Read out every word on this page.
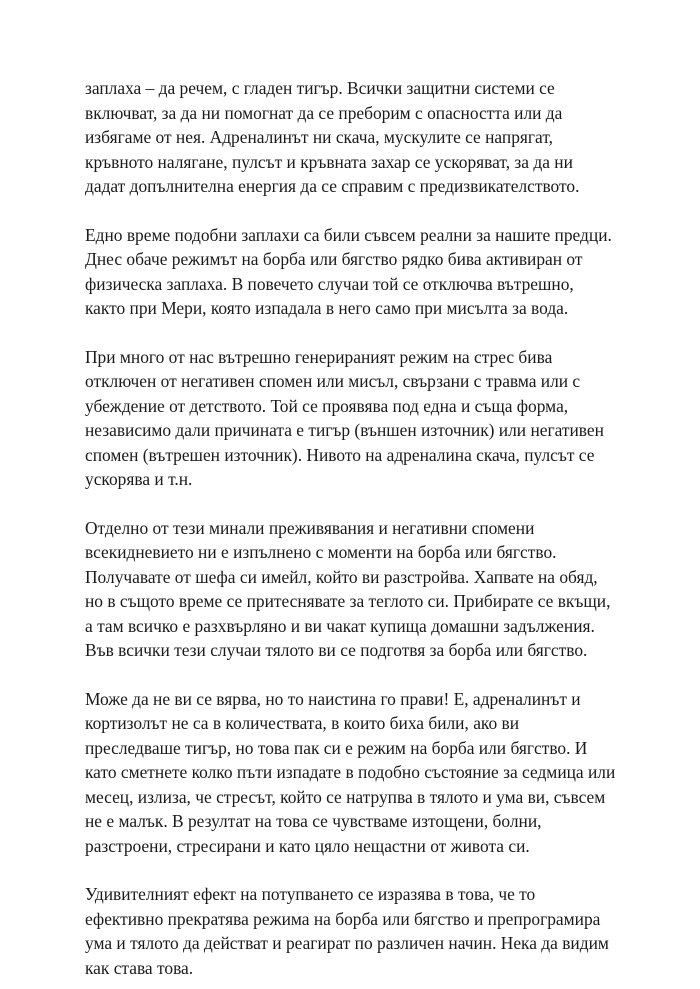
заплаха – да речем, с гладен тигър. Всички защитни системи се включват, за да ни помогнат да се преборим с опасността или да избягаме от нея. Адреналинът ни скача, мускулите се напрягат, кръвното налягане, пулсът и кръвната захар се ускоряват, за да ни дадат допълнителна енергия да се справим с предизвикателството.

Едно време подобни заплахи са били съвсем реални за нашите предци. Днес обаче режимът на борба или бягство рядко бива активиран от физическа заплаха. В повечето случаи той се отключва вътрешно, както при Мери, която изпадала в него само при мисълта за вода.

При много от нас вътрешно генерираният режим на стрес бива отключен от негативен спомен или мисъл, свързани с травма или с убеждение от детството. Той се проявява под една и съща форма, независимо дали причината е тигър (външен източник) или негативен спомен (вътрешен източник). Нивото на адреналина скача, пулсът се ускорява и т.н.

Отделно от тези минали преживявания и негативни спомени всекидневието ни е изпълнено с моменти на борба или бягство. Получавате от шефа си имейл, който ви разстройва. Хапвате на обяд, но в същото време се притеснявате за теглото си. Прибирате се вкъщи, а там всичко е разхвърляно и ви чакат купища домашни задължения. Във всички тези случаи тялото ви се подготвя за борба или бягство.

Може да не ви се вярва, но то наистина го прави! Е, адреналинът и кортизолът не са в количествата, в които биха били, ако ви преследваше тигър, но това пак си е режим на борба или бягство. И като сметнете колко пъти изпадате в подобно състояние за седмица или месец, излиза, че стресът, който се натрупва в тялото и ума ви, съвсем не е малък. В резултат на това се чувстваме изтощени, болни, разстроени, стресирани и като цяло нещастни от живота си.

Удивителният ефект на потупването се изразява в това, че то ефективно прекратява режима на борба или бягство и препрограмира ума и тялото да действат и реагират по различен начин. Нека да видим как става това.
